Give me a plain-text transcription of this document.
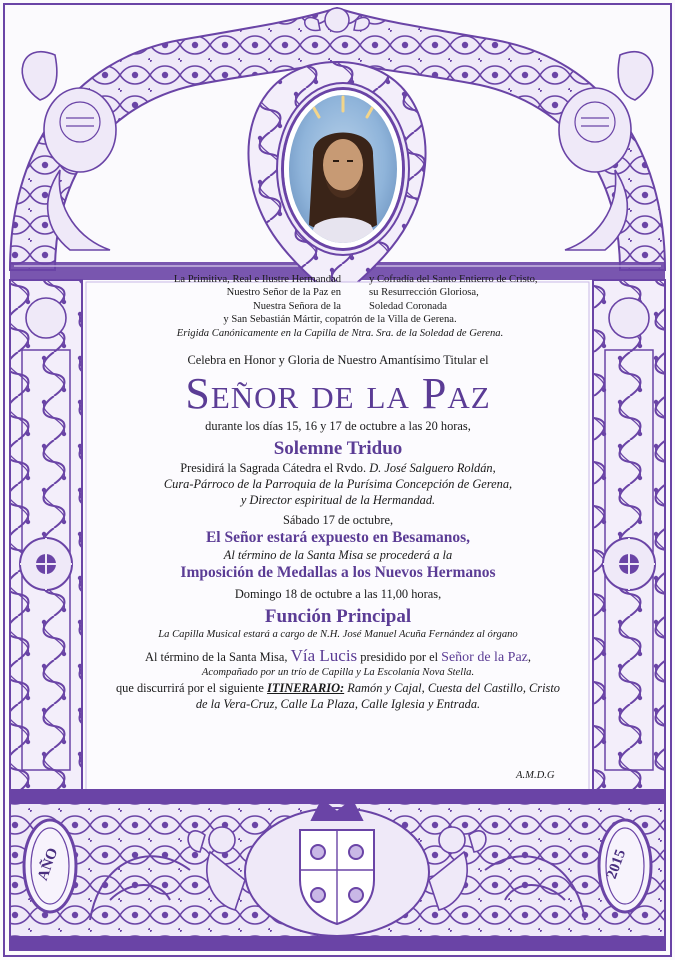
La Primitiva, Real e Ilustre Hermandad	y Cofradía del Santo Entierro de Cristo,
Nuestro Señor de la Paz en	su Resurrección Gloriosa,
Nuestra Señora de la	Soledad Coronada
y San Sebastián Mártir, copatrón de la Villa de Gerena.
Erigida Canónicamente en la Capilla de Ntra. Sra. de la Soledad de Gerena.
Celebra en Honor y Gloria de Nuestro Amantísimo Titular el
Señor de la Paz
durante los días 15, 16 y 17 de octubre a las 20 horas,
Solemne Triduo
Presidirá la Sagrada Cátedra el Rvdo. D. José Salguero Roldán,
Cura-Párroco de la Parroquia de la Purísima Concepción de Gerena,
y Director espiritual de la Hermandad.
Sábado 17 de octubre,
El Señor estará expuesto en Besamanos,
Al término de la Santa Misa se procederá a la
Imposición de Medallas a los Nuevos Hermanos
Domingo 18 de octubre a las 11,00 horas,
Función Principal
La Capilla Musical estará a cargo de N.H. José Manuel Acuña Fernández al órgano
Al término de la Santa Misa, Vía Lucis presidido por el Señor de la Paz,
Acompañado por un trío de Capilla y La Escolanía Nova Stella.
que discurrirá por el siguiente ITINERARIO: Ramón y Cajal, Cuesta del Castillo, Cristo
de la Vera-Cruz, Calle La Plaza, Calle Iglesia y Entrada.
A.M.D.G
AÑO	2015
